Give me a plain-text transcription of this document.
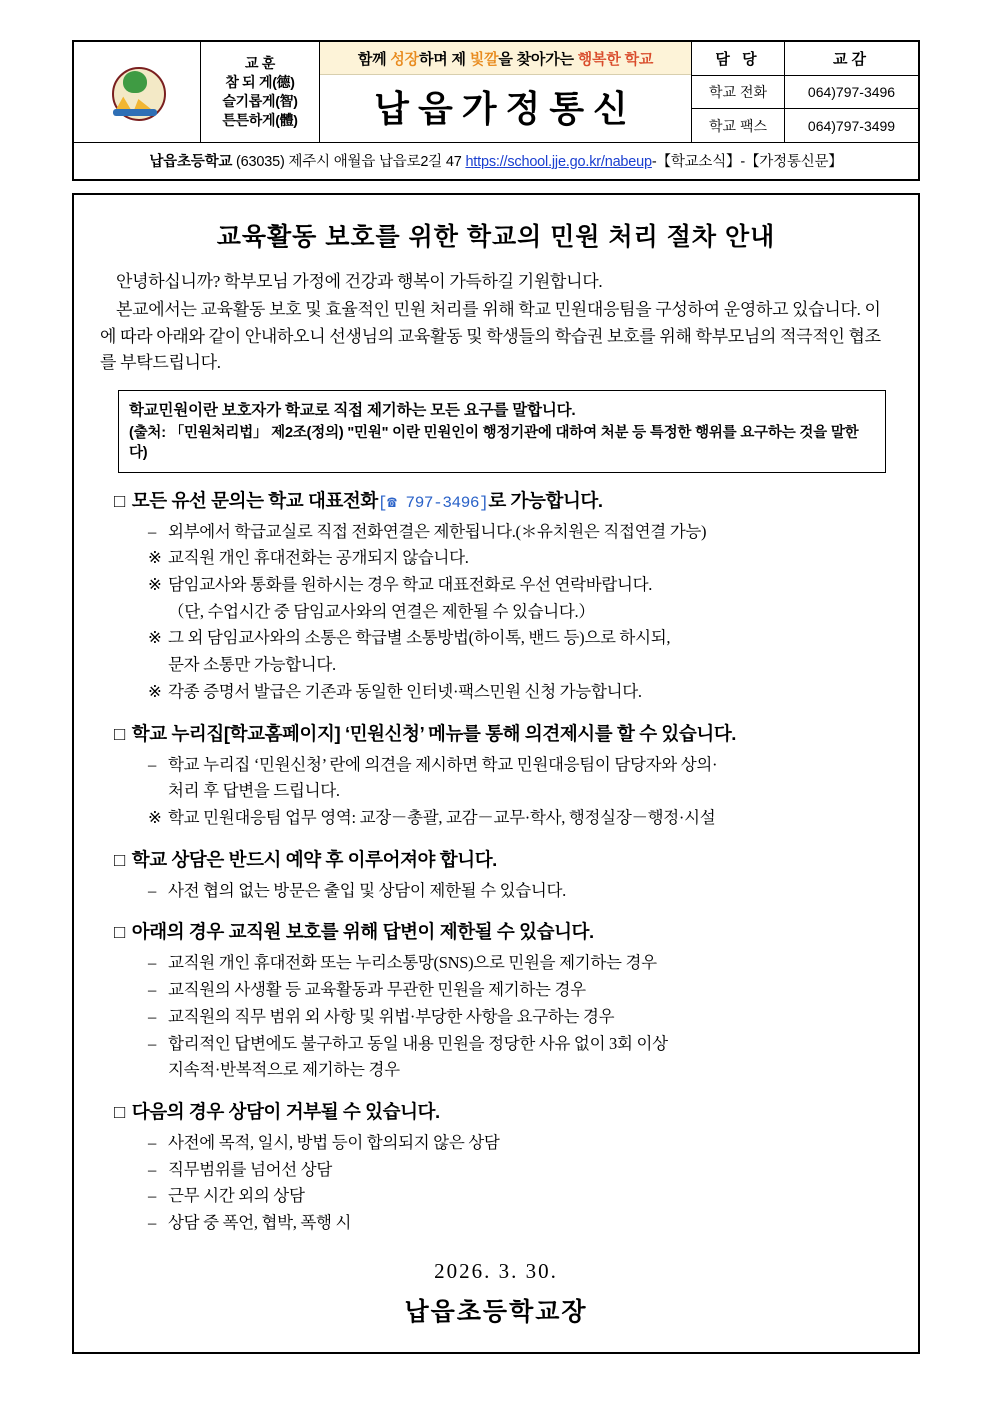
교 훈
참 되 게(德)
슬기롭게(智)
튼튼하게(體)
함께 성장하며 제 빛깔을 찾아가는 행복한 학교
납읍가정통신
담 당	교감
학교 전화	064)797-3496
학교 팩스	064)797-3499
납읍초등학교 (63035) 제주시 애월읍 납읍로2길 47 https://school.jje.go.kr/nabeup-【학교소식】-【가정통신문】
교육활동 보호를 위한 학교의 민원 처리 절차 안내

안녕하십니까? 학부모님 가정에 건강과 행복이 가득하길 기원합니다.

본교에서는 교육활동 보호 및 효율적인 민원 처리를 위해 학교 민원대응팀을 구성하여 운영하고 있습니다. 이에 따라 아래와 같이 안내하오니 선생님의 교육활동 및 학생들의 학습권 보호를 위해 학부모님의 적극적인 협조를 부탁드립니다.

학교민원이란 보호자가 학교로 직접 제기하는 모든 요구를 말합니다.
(출처: 「민원처리법」 제2조(정의) "민원" 이란 민원인이 행정기관에 대하여 처분 등 특정한 행위를 요구하는 것을 말한다)
□ 모든 유선 문의는 학교 대표전화[☎ 797-3496]로 가능합니다.
– 외부에서 학급교실로 직접 전화연결은 제한됩니다.(＊유치원은 직접연결 가능)
※ 교직원 개인 휴대전화는 공개되지 않습니다.
※ 담임교사와 통화를 원하시는 경우 학교 대표전화로 우선 연락바랍니다.
（단, 수업시간 중 담임교사와의 연결은 제한될 수 있습니다.）
※ 그 외 담임교사와의 소통은 학급별 소통방법(하이톡, 밴드 등)으로 하시되,
문자 소통만 가능합니다.
※ 각종 증명서 발급은 기존과 동일한 인터넷·팩스민원 신청 가능합니다.
□ 학교 누리집[학교홈페이지] ‘민원신청’ 메뉴를 통해 의견제시를 할 수 있습니다.
– 학교 누리집 ‘민원신청’ 란에 의견을 제시하면 학교 민원대응팀이 담당자와 상의·
처리 후 답변을 드립니다.
※ 학교 민원대응팀 업무 영역: 교장－총괄, 교감－교무·학사, 행정실장－행정·시설
□ 학교 상담은 반드시 예약 후 이루어져야 합니다.
– 사전 협의 없는 방문은 출입 및 상담이 제한될 수 있습니다.
□ 아래의 경우 교직원 보호를 위해 답변이 제한될 수 있습니다.
– 교직원 개인 휴대전화 또는 누리소통망(SNS)으로 민원을 제기하는 경우
– 교직원의 사생활 등 교육활동과 무관한 민원을 제기하는 경우
– 교직원의 직무 범위 외 사항 및 위법·부당한 사항을 요구하는 경우
– 합리적인 답변에도 불구하고 동일 내용 민원을 정당한 사유 없이 3회 이상
지속적·반복적으로 제기하는 경우
□ 다음의 경우 상담이 거부될 수 있습니다.
– 사전에 목적, 일시, 방법 등이 합의되지 않은 상담
– 직무범위를 넘어선 상담
– 근무 시간 외의 상담
– 상담 중 폭언, 협박, 폭행 시
2026. 3. 30.
납읍초등학교장
